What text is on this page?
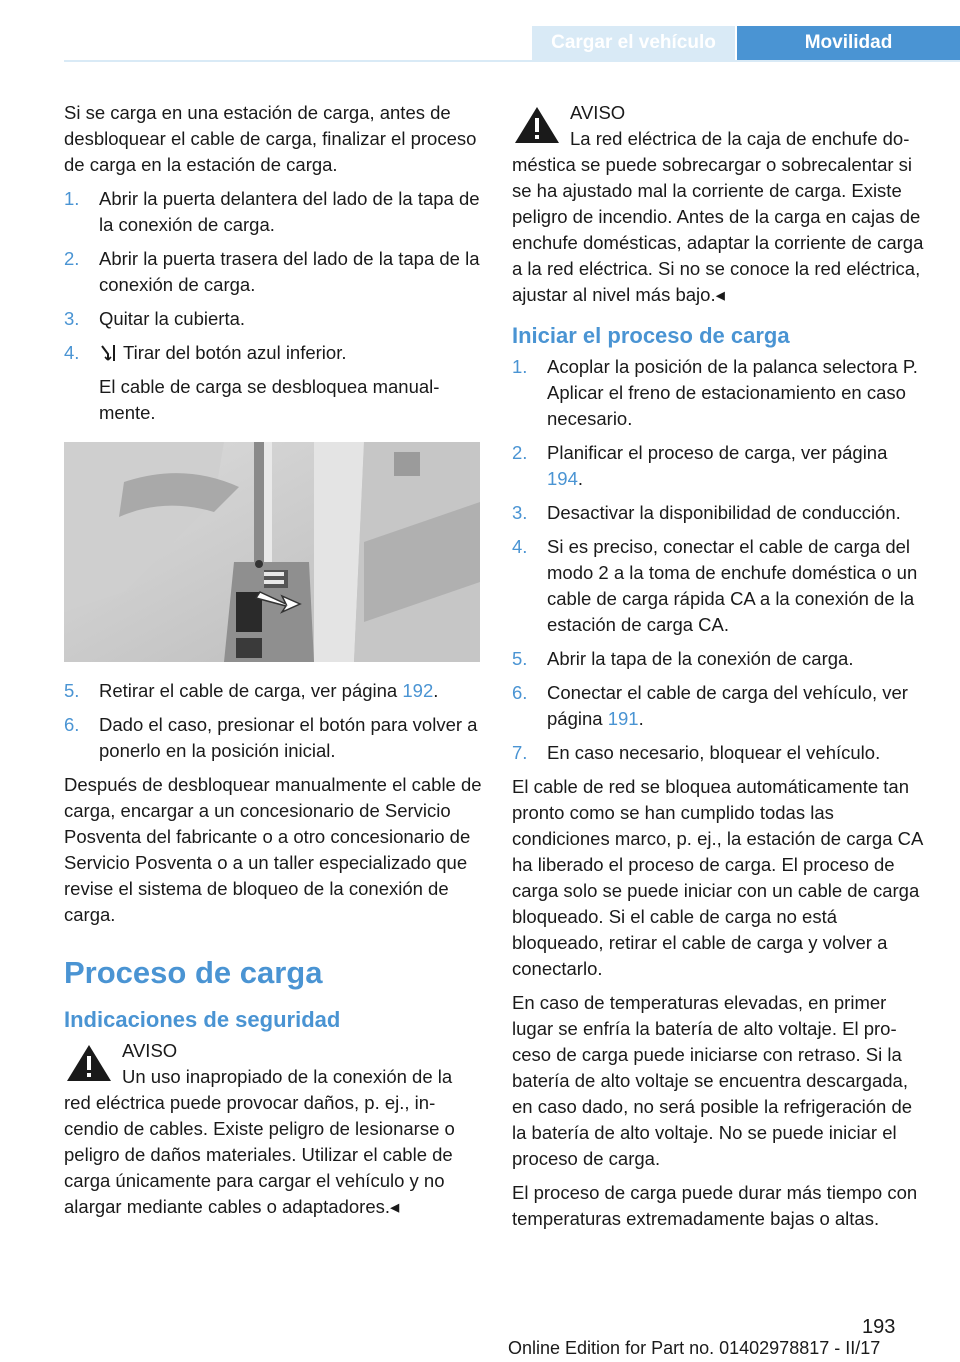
Cargar el vehículo	Movilidad

Si se carga en una estación de carga, antes de desbloquear el cable de carga, finalizar el proceso de carga en la estación de carga.

1. Abrir la puerta delantera del lado de la tapa de la conexión de carga.
2. Abrir la puerta trasera del lado de la tapa de la conexión de carga.
3. Quitar la cubierta.
4. Tirar del botón azul inferior.
El cable de carga se desbloquea manualmente.
5. Retirar el cable de carga, ver página 192.
6. Dado el caso, presionar el botón para volver a ponerlo en la posición inicial.

Después de desbloquear manualmente el cable de carga, encargar a un concesionario de Servicio Posventa del fabricante o a otro concesionario de Servicio Posventa o a un taller especializado que revise el sistema de bloqueo de la conexión de carga.

Proceso de carga
Indicaciones de seguridad
AVISO
Un uso inapropiado de la conexión de la red eléctrica puede provocar daños, p. ej., incendio de cables. Existe peligro de lesionarse o peligro de daños materiales. Utilizar el cable de carga únicamente para cargar el vehículo y no alargar mediante cables o adaptadores.◂
AVISO
La red eléctrica de la caja de enchufe doméstica se puede sobrecargar o sobrecalentar si se ha ajustado mal la corriente de carga. Existe peligro de incendio. Antes de la carga en cajas de enchufe domésticas, adaptar la corriente de carga a la red eléctrica. Si no se conoce la red eléctrica, ajustar al nivel más bajo.◂
Iniciar el proceso de carga
1. Acoplar la posición de la palanca selectora P. Aplicar el freno de estacionamiento en caso necesario.
2. Planificar el proceso de carga, ver página 194.
3. Desactivar la disponibilidad de conducción.
4. Si es preciso, conectar el cable de carga del modo 2 a la toma de enchufe doméstica o un cable de carga rápida CA a la conexión de la estación de carga CA.
5. Abrir la tapa de la conexión de carga.
6. Conectar el cable de carga del vehículo, ver página 191.
7. En caso necesario, bloquear el vehículo.

El cable de red se bloquea automáticamente tan pronto como se han cumplido todas las condiciones marco, p. ej., la estación de carga CA ha liberado el proceso de carga. El proceso de carga solo se puede iniciar con un cable de carga bloqueado. Si el cable de carga no está bloqueado, retirar el cable de carga y volver a conectarlo.

En caso de temperaturas elevadas, en primer lugar se enfría la batería de alto voltaje. El proceso de carga puede iniciarse con retraso. Si la batería de alto voltaje se encuentra descargada, en caso dado, no será posible la refrigeración de la batería de alto voltaje. No se puede iniciar el proceso de carga.

El proceso de carga puede durar más tiempo con temperaturas extremadamente bajas o altas.

193
Online Edition for Part no. 01402978817 - II/17
